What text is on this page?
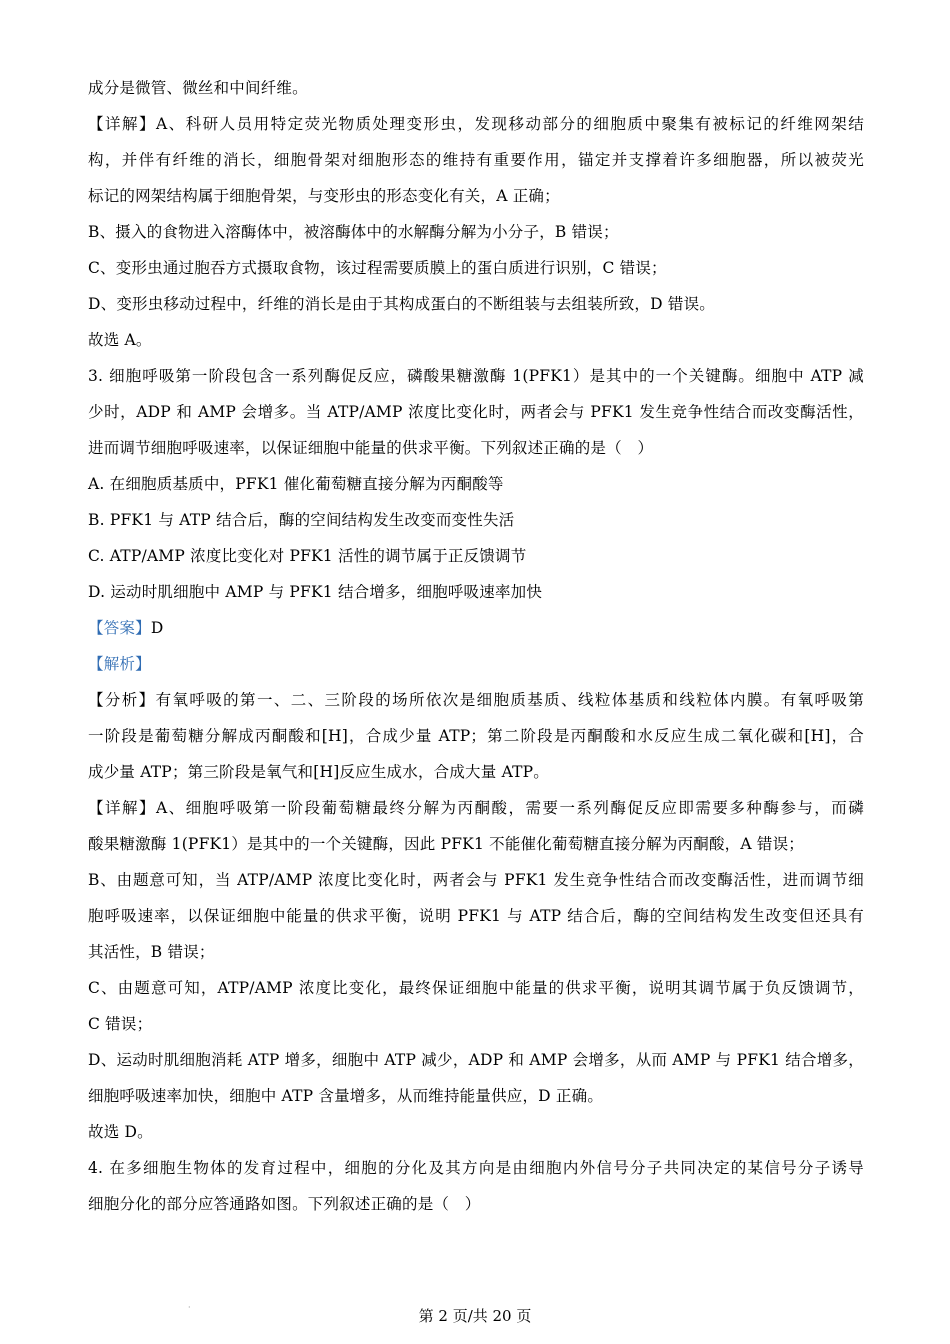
成分是微管、微丝和中间纤维。

【详解】A、科研人员用特定荧光物质处理变形虫，发现移动部分的细胞质中聚集有被标记的纤维网架结

构，并伴有纤维的消长，细胞骨架对细胞形态的维持有重要作用，锚定并支撑着许多细胞器，所以被荧光

标记的网架结构属于细胞骨架，与变形虫的形态变化有关，A 正确；

B、摄入的食物进入溶酶体中，被溶酶体中的水解酶分解为小分子，B 错误；

C、变形虫通过胞吞方式摄取食物，该过程需要质膜上的蛋白质进行识别，C 错误；

D、变形虫移动过程中，纤维的消长是由于其构成蛋白的不断组装与去组装所致，D 错误。

故选 A。

3. 细胞呼吸第一阶段包含一系列酶促反应，磷酸果糖激酶 1(PFK1）是其中的一个关键酶。细胞中 ATP 减

少时，ADP 和 AMP 会增多。当 ATP/AMP 浓度比变化时，两者会与 PFK1 发生竞争性结合而改变酶活性，

进而调节细胞呼吸速率，以保证细胞中能量的供求平衡。下列叙述正确的是（　）

A. 在细胞质基质中，PFK1 催化葡萄糖直接分解为丙酮酸等

B. PFK1 与 ATP 结合后，酶的空间结构发生改变而变性失活

C. ATP/AMP 浓度比变化对 PFK1 活性的调节属于正反馈调节

D. 运动时肌细胞中 AMP 与 PFK1 结合增多，细胞呼吸速率加快

【答案】D

【解析】

【分析】有氧呼吸的第一、二、三阶段的场所依次是细胞质基质、线粒体基质和线粒体内膜。有氧呼吸第

一阶段是葡萄糖分解成丙酮酸和[H]，合成少量 ATP；第二阶段是丙酮酸和水反应生成二氧化碳和[H]，合

成少量 ATP；第三阶段是氧气和[H]反应生成水，合成大量 ATP。

【详解】A、细胞呼吸第一阶段葡萄糖最终分解为丙酮酸，需要一系列酶促反应即需要多种酶参与，而磷

酸果糖激酶 1(PFK1）是其中的一个关键酶，因此 PFK1 不能催化葡萄糖直接分解为丙酮酸，A 错误；

B、由题意可知，当 ATP/AMP 浓度比变化时，两者会与 PFK1 发生竞争性结合而改变酶活性，进而调节细

胞呼吸速率，以保证细胞中能量的供求平衡，说明 PFK1 与 ATP 结合后，酶的空间结构发生改变但还具有

其活性，B 错误；

C、由题意可知，ATP/AMP 浓度比变化，最终保证细胞中能量的供求平衡，说明其调节属于负反馈调节，

C 错误；

D、运动时肌细胞消耗 ATP 增多，细胞中 ATP 减少，ADP 和 AMP 会增多，从而 AMP 与 PFK1 结合增多，

细胞呼吸速率加快，细胞中 ATP 含量增多，从而维持能量供应，D 正确。

故选 D。

4. 在多细胞生物体的发育过程中，细胞的分化及其方向是由细胞内外信号分子共同决定的某信号分子诱导

细胞分化的部分应答通路如图。下列叙述正确的是（　）

·	第 2 页/共 20 页
